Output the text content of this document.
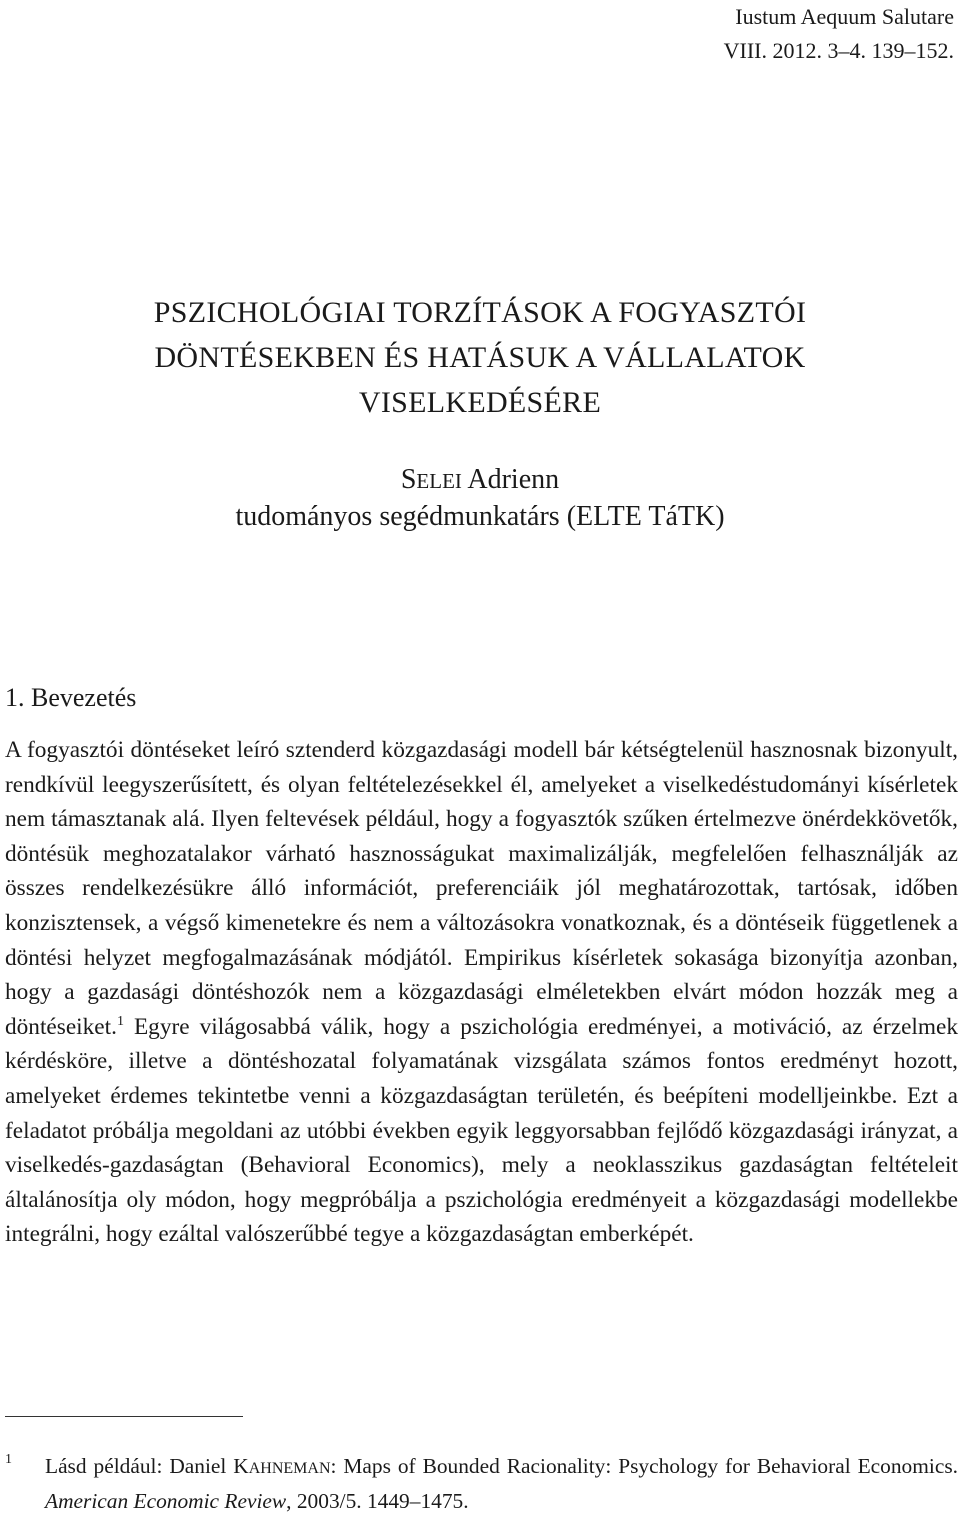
Iustum Aequum Salutare
VIII. 2012. 3–4. 139–152.
PSZICHOLÓGIAI TORZÍTÁSOK A FOGYASZTÓI
DÖNTÉSEKBEN ÉS HATÁSUK A VÁLLALATOK
VISELKEDÉSÉRE
SELEI Adrienn
tudományos segédmunkatárs (ELTE TáTK)
1. Bevezetés

A fogyasztói döntéseket leíró sztenderd közgazdasági modell bár kétségtelenül hasznosnak bizonyult, rendkívül leegyszerűsített, és olyan feltételezésekkel él, amelyeket a viselkedéstudományi kísérletek nem támasztanak alá. Ilyen feltevések például, hogy a fogyasztók szűken értelmezve önérdekkövetők, döntésük meghozatalakor várható hasznosságukat maximalizálják, megfelelően felhasználják az összes rendelkezésükre álló információt, preferenciáik jól meghatározottak, tartósak, időben konzisztensek, a végső kimenetekre és nem a változásokra vonatkoznak, és a döntéseik függetlenek a döntési helyzet megfogalmazásának módjától. Empirikus kísérletek sokasága bizonyítja azonban, hogy a gazdasági döntéshozók nem a közgazdasági elméletekben elvárt módon hozzák meg a döntéseiket.$^1$ Egyre világosabbá válik, hogy a pszichológia eredményei, a motiváció, az érzelmek kérdésköre, illetve a döntéshozatal folyamatának vizsgálata számos fontos eredményt hozott, amelyeket érdemes tekintetbe venni a közgazdaságtan területén, és beépíteni modelljeinkbe. Ezt a feladatot próbálja megoldani az utóbbi években egyik leggyorsabban fejlődő közgazdasági irányzat, a viselkedés-gazdaságtan (Behavioral Economics), mely a neoklasszikus gazdaságtan feltételeit általánosítja oly módon, hogy megpróbálja a pszichológia eredményeit a közgazdasági modellekbe integrálni, hogy ezáltal valószerűbbé tegye a közgazdaságtan emberképét.

1	Lásd például: Daniel KAHNEMAN: Maps of Bounded Racionality: Psychology for Behavioral Economics. American Economic Review, 2003/5. 1449–1475.
